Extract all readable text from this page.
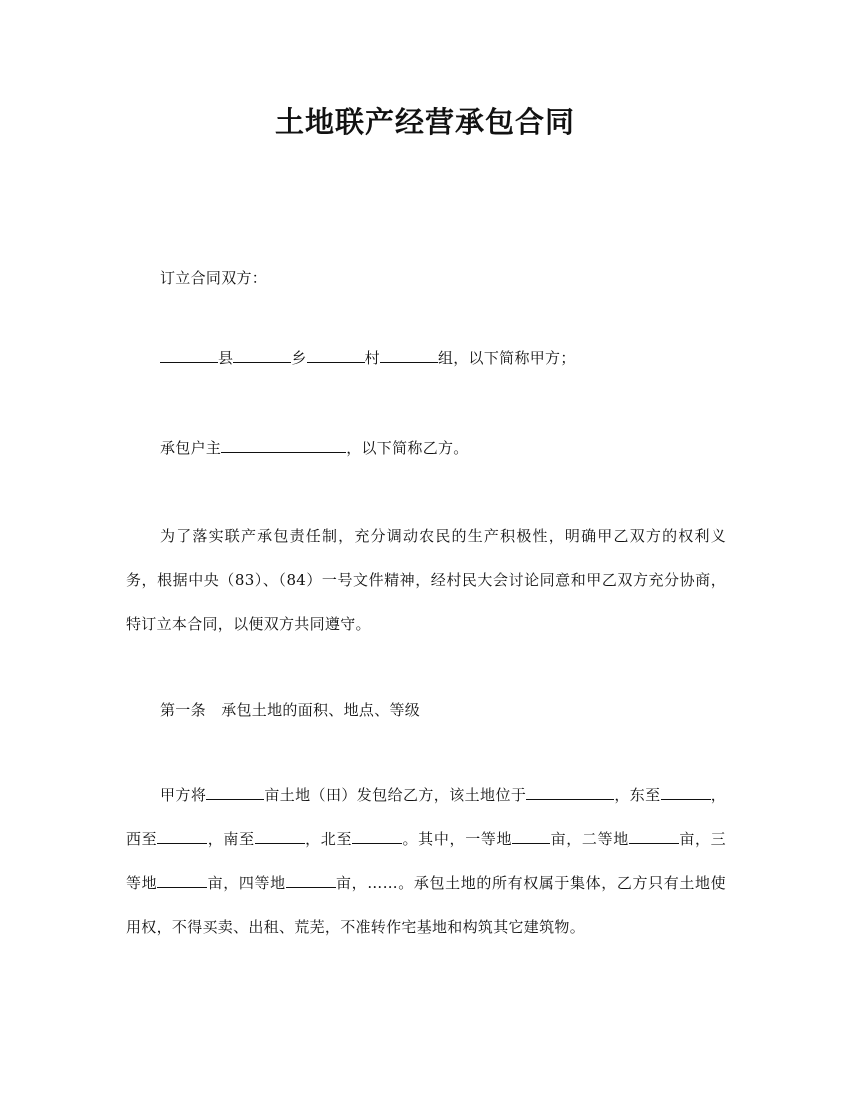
土地联产经营承包合同
订立合同双方：
县	乡	村	组，以下简称甲方；
承包户主	，以下简称乙方。
为了落实联产承包责任制，充分调动农民的生产积极性，明确甲乙双方的权利义务，根据中央（83）、（84）一号文件精神，经村民大会讨论同意和甲乙双方充分协商，特订立本合同，以便双方共同遵守。
第一条　承包土地的面积、地点、等级
甲方将	亩土地（田）发包给乙方，该土地位于	，东至	，西至	，南至	，北至	。其中，一等地	亩，二等地	亩，三等地	亩，四等地	亩，……。承包土地的所有权属于集体，乙方只有土地使用权，不得买卖、出租、荒芜，不准转作宅基地和构筑其它建筑物。
